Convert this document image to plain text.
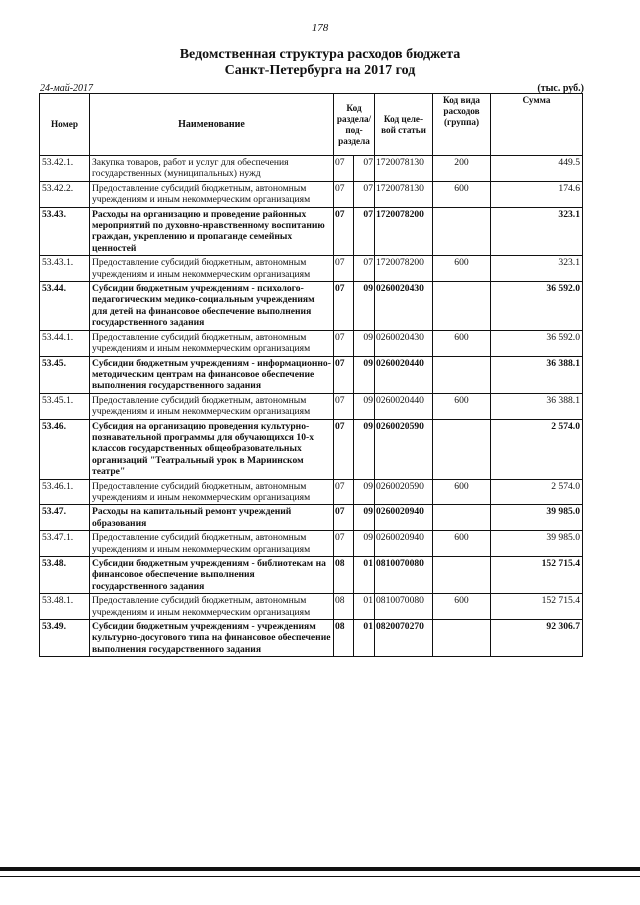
178
Ведомственная структура расходов бюджета
Санкт-Петербурга на 2017 год
24-май-2017	(тыс. руб.)
Номер	Наименование	Код раздела/ под-раздела		Код целе-вой статьи	Код вида расходов (группа)	Сумма
53.42.1.	Закупка товаров, работ и услуг для обеспечения государственных (муниципальных) нужд	07	07	1720078130	200	449.5
53.42.2.	Предоставление субсидий бюджетным, автономным учреждениям и иным некоммерческим организациям	07	07	1720078130	600	174.6
53.43.	Расходы на организацию и проведение районных мероприятий по духовно-нравственному воспитанию граждан, укреплению и пропаганде семейных ценностей	07	07	1720078200		323.1
53.43.1.	Предоставление субсидий бюджетным, автономным учреждениям и иным некоммерческим организациям	07	07	1720078200	600	323.1
53.44.	Субсидии бюджетным учреждениям - психолого-педагогическим медико-социальным учреждениям для детей на финансовое обеспечение выполнения государственного задания	07	09	0260020430		36 592.0
53.44.1.	Предоставление субсидий бюджетным, автономным учреждениям и иным некоммерческим организациям	07	09	0260020430	600	36 592.0
53.45.	Субсидии бюджетным учреждениям - информационно-методическим центрам на финансовое обеспечение выполнения государственного задания	07	09	0260020440		36 388.1
53.45.1.	Предоставление субсидий бюджетным, автономным учреждениям и иным некоммерческим организациям	07	09	0260020440	600	36 388.1
53.46.	Субсидия на организацию проведения культурно-познавательной программы для обучающихся 10-х классов государственных общеобразовательных организаций "Театральный урок в Мариинском театре"	07	09	0260020590		2 574.0
53.46.1.	Предоставление субсидий бюджетным, автономным учреждениям и иным некоммерческим организациям	07	09	0260020590	600	2 574.0
53.47.	Расходы на капитальный ремонт учреждений образования	07	09	0260020940		39 985.0
53.47.1.	Предоставление субсидий бюджетным, автономным учреждениям и иным некоммерческим организациям	07	09	0260020940	600	39 985.0
53.48.	Субсидии бюджетным учреждениям - библиотекам на финансовое обеспечение выполнения государственного задания	08	01	0810070080		152 715.4
53.48.1.	Предоставление субсидий бюджетным, автономным учреждениям и иным некоммерческим организациям	08	01	0810070080	600	152 715.4
53.49.	Субсидии бюджетным учреждениям - учреждениям культурно-досугового типа на финансовое обеспечение выполнения государственного задания	08	01	0820070270		92 306.7
